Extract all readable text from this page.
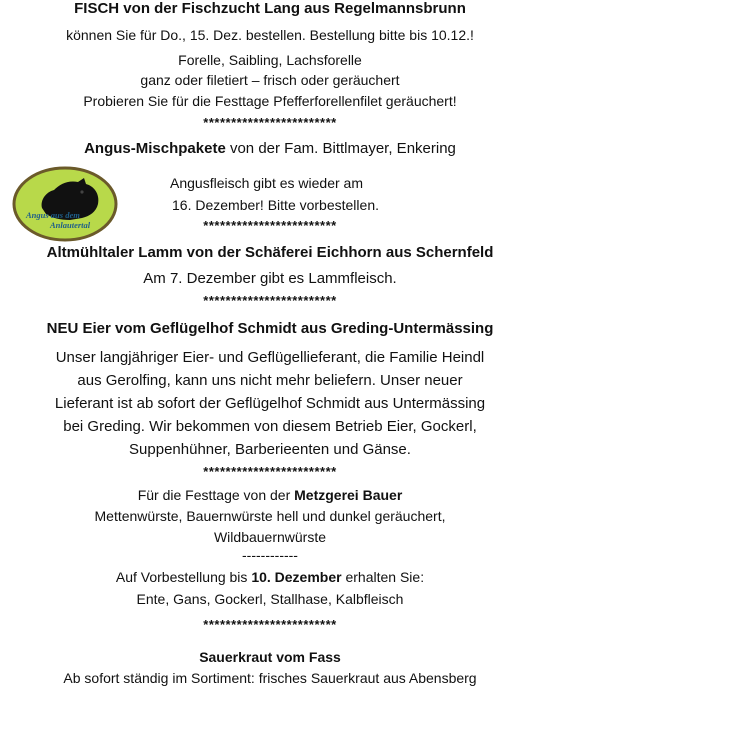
FISCH von der Fischzucht Lang aus Regelmannsbrunn
können Sie für Do., 15. Dez. bestellen. Bestellung bitte bis 10.12.!
Forelle, Saibling, Lachsforelle
ganz oder filetiert – frisch oder geräuchert
Probieren Sie für die Festtage Pfefferforellenfilet geräuchert!
************************
Angus-Mischpakete von der Fam. Bittlmayer, Enkering
Angusfleisch gibt es wieder am
16. Dezember! Bitte vorbestellen.
************************
Altmühltaler Lamm von der Schäferei Eichhorn aus Schernfeld
Am 7. Dezember gibt es Lammfleisch.
************************
NEU Eier vom Geflügelhof Schmidt aus Greding-Untermässing
Unser langjähriger Eier- und Geflügellieferant, die Familie Heindl
aus Gerolfing, kann uns nicht mehr beliefern. Unser neuer
Lieferant ist ab sofort der Geflügelhof Schmidt aus Untermässing
bei Greding. Wir bekommen von diesem Betrieb Eier, Gockerl,
Suppenhühner, Barberieenten und Gänse.
************************
Für die Festtage von der Metzgerei Bauer
Mettenwürste, Bauernwürste hell und dunkel geräuchert,
Wildbauernwürste
------------
Auf Vorbestellung bis 10. Dezember erhalten Sie:
Ente, Gans, Gockerl, Stallhase, Kalbfleisch
************************
Sauerkraut vom Fass
Ab sofort ständig im Sortiment: frisches Sauerkraut aus Abensberg
Angus aus dem
Anlautertal
